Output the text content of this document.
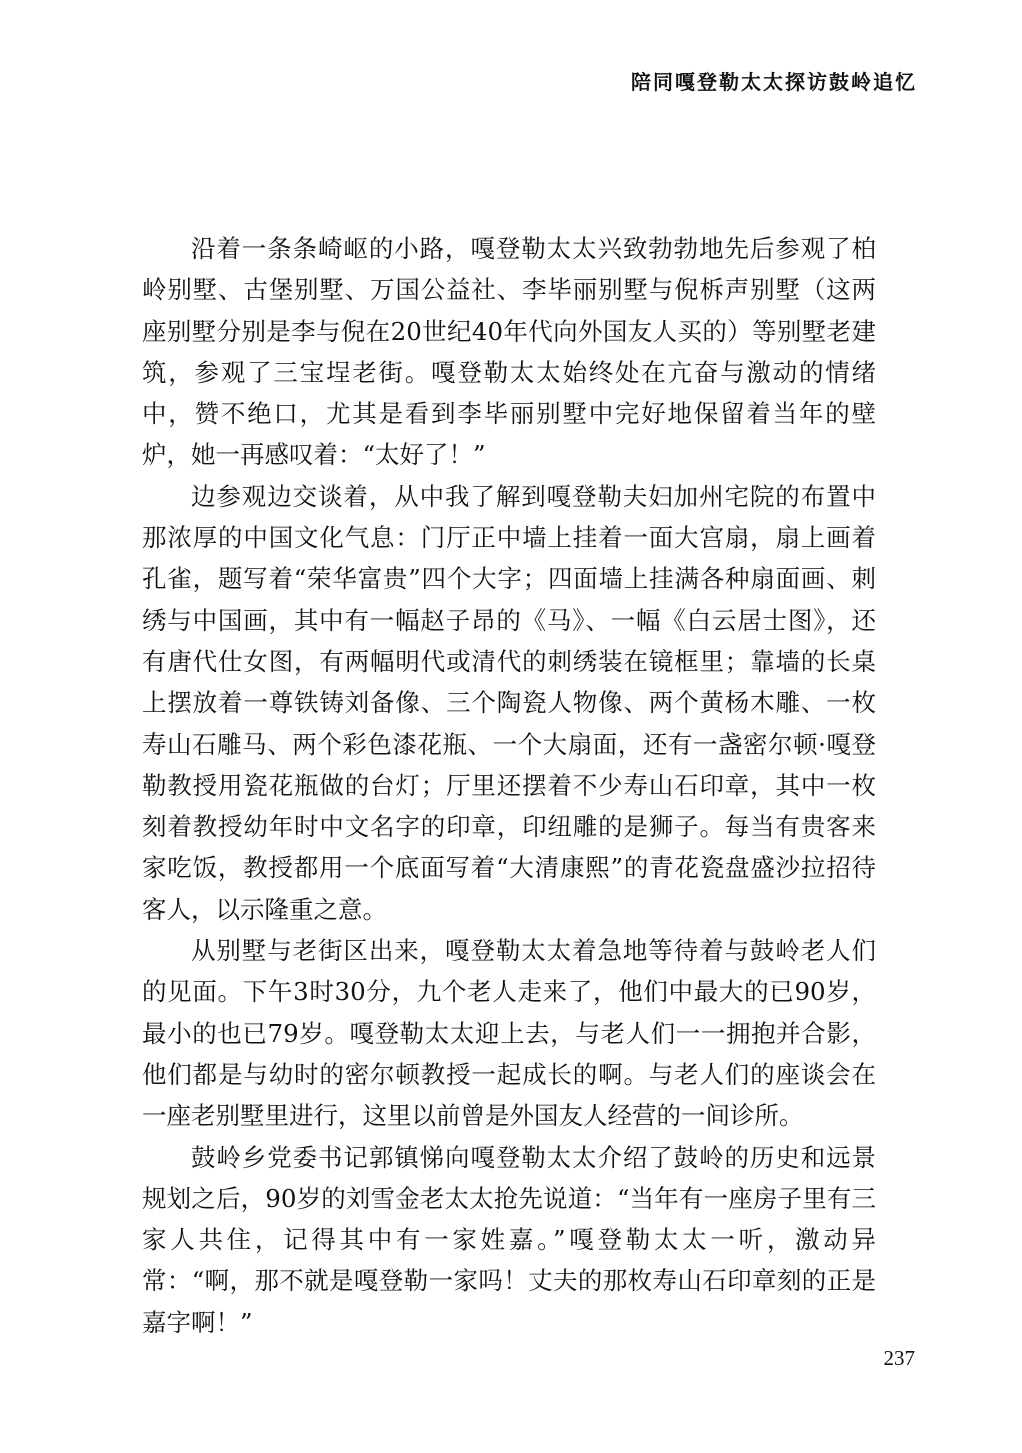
陪同嘎登勒太太探访鼓岭追忆

沿着一条条崎岖的小路，嘎登勒太太兴致勃勃地先后参观了柏岭别墅、古堡别墅、万国公益社、李毕丽别墅与倪柝声别墅（这两座别墅分别是李与倪在20世纪40年代向外国友人买的）等别墅老建筑，参观了三宝埕老街。嘎登勒太太始终处在亢奋与激动的情绪中，赞不绝口，尤其是看到李毕丽别墅中完好地保留着当年的壁炉，她一再感叹着：“太好了！”

边参观边交谈着，从中我了解到嘎登勒夫妇加州宅院的布置中那浓厚的中国文化气息：门厅正中墙上挂着一面大宫扇，扇上画着孔雀，题写着“荣华富贵”四个大字；四面墙上挂满各种扇面画、刺绣与中国画，其中有一幅赵子昂的《马》、一幅《白云居士图》，还有唐代仕女图，有两幅明代或清代的刺绣装在镜框里；靠墙的长桌上摆放着一尊铁铸刘备像、三个陶瓷人物像、两个黄杨木雕、一枚寿山石雕马、两个彩色漆花瓶、一个大扇面，还有一盏密尔顿·嘎登勒教授用瓷花瓶做的台灯；厅里还摆着不少寿山石印章，其中一枚刻着教授幼年时中文名字的印章，印纽雕的是狮子。每当有贵客来家吃饭，教授都用一个底面写着“大清康熙”的青花瓷盘盛沙拉招待客人，以示隆重之意。

从别墅与老街区出来，嘎登勒太太着急地等待着与鼓岭老人们的见面。下午3时30分，九个老人走来了，他们中最大的已90岁，最小的也已79岁。嘎登勒太太迎上去，与老人们一一拥抱并合影，他们都是与幼时的密尔顿教授一起成长的啊。与老人们的座谈会在一座老别墅里进行，这里以前曾是外国友人经营的一间诊所。

鼓岭乡党委书记郭镇悌向嘎登勒太太介绍了鼓岭的历史和远景规划之后，90岁的刘雪金老太太抢先说道：“当年有一座房子里有三家人共住，记得其中有一家姓嘉。”嘎登勒太太一听，激动异常：“啊，那不就是嘎登勒一家吗！丈夫的那枚寿山石印章刻的正是嘉字啊！”

237
